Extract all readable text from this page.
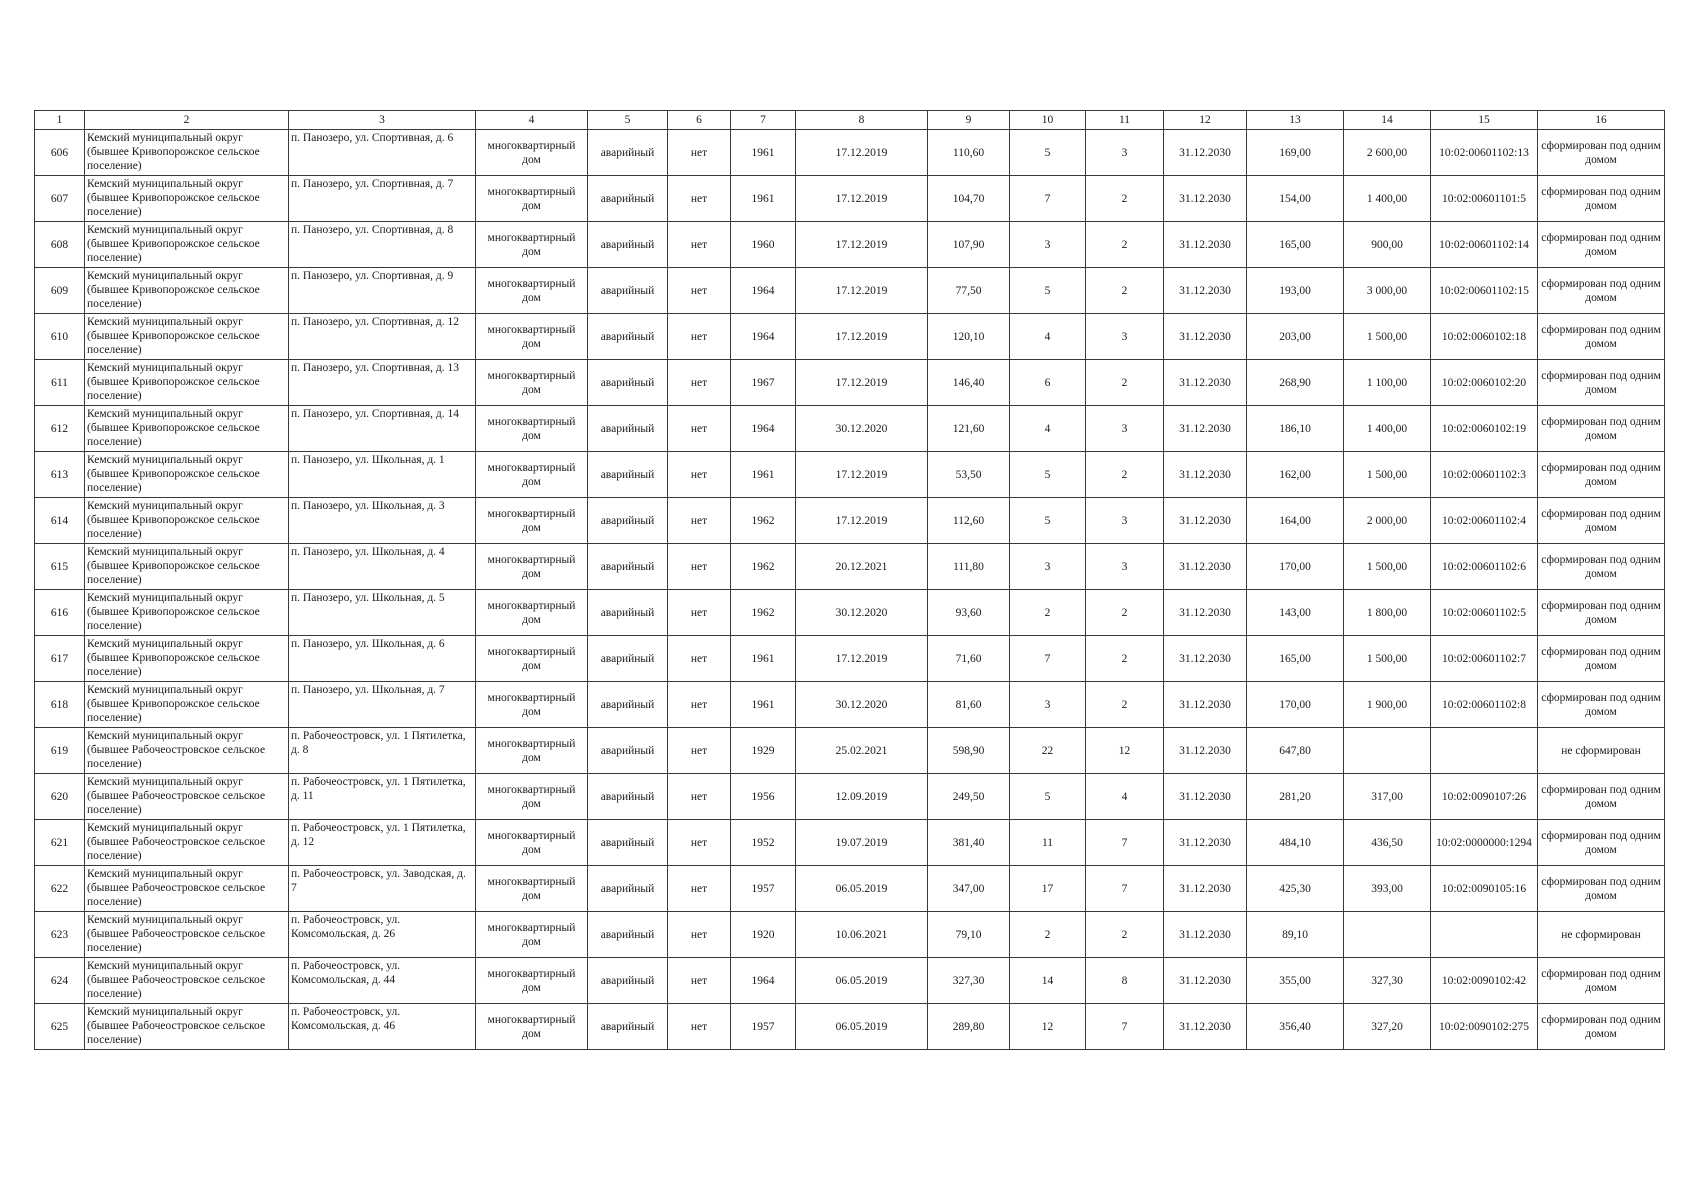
1	2	3	4	5	6	7	8	9	10	11	12	13	14	15	16
606	Кемский муниципальный округ (бывшее Кривопорожское сельское поселение)	п. Панозеро, ул. Спортивная, д. 6	многоквартирный дом	аварийный	нет	1961	17.12.2019	110,60	5	3	31.12.2030	169,00	2 600,00	10:02:00601102:13	сформирован под одним домом
607	Кемский муниципальный округ (бывшее Кривопорожское сельское поселение)	п. Панозеро, ул. Спортивная, д. 7	многоквартирный дом	аварийный	нет	1961	17.12.2019	104,70	7	2	31.12.2030	154,00	1 400,00	10:02:00601101:5	сформирован под одним домом
608	Кемский муниципальный округ (бывшее Кривопорожское сельское поселение)	п. Панозеро, ул. Спортивная, д. 8	многоквартирный дом	аварийный	нет	1960	17.12.2019	107,90	3	2	31.12.2030	165,00	900,00	10:02:00601102:14	сформирован под одним домом
609	Кемский муниципальный округ (бывшее Кривопорожское сельское поселение)	п. Панозеро, ул. Спортивная, д. 9	многоквартирный дом	аварийный	нет	1964	17.12.2019	77,50	5	2	31.12.2030	193,00	3 000,00	10:02:00601102:15	сформирован под одним домом
610	Кемский муниципальный округ (бывшее Кривопорожское сельское поселение)	п. Панозеро, ул. Спортивная, д. 12	многоквартирный дом	аварийный	нет	1964	17.12.2019	120,10	4	3	31.12.2030	203,00	1 500,00	10:02:0060102:18	сформирован под одним домом
611	Кемский муниципальный округ (бывшее Кривопорожское сельское поселение)	п. Панозеро, ул. Спортивная, д. 13	многоквартирный дом	аварийный	нет	1967	17.12.2019	146,40	6	2	31.12.2030	268,90	1 100,00	10:02:0060102:20	сформирован под одним домом
612	Кемский муниципальный округ (бывшее Кривопорожское сельское поселение)	п. Панозеро, ул. Спортивная, д. 14	многоквартирный дом	аварийный	нет	1964	30.12.2020	121,60	4	3	31.12.2030	186,10	1 400,00	10:02:0060102:19	сформирован под одним домом
613	Кемский муниципальный округ (бывшее Кривопорожское сельское поселение)	п. Панозеро, ул. Школьная, д. 1	многоквартирный дом	аварийный	нет	1961	17.12.2019	53,50	5	2	31.12.2030	162,00	1 500,00	10:02:00601102:3	сформирован под одним домом
614	Кемский муниципальный округ (бывшее Кривопорожское сельское поселение)	п. Панозеро, ул. Школьная, д. 3	многоквартирный дом	аварийный	нет	1962	17.12.2019	112,60	5	3	31.12.2030	164,00	2 000,00	10:02:00601102:4	сформирован под одним домом
615	Кемский муниципальный округ (бывшее Кривопорожское сельское поселение)	п. Панозеро, ул. Школьная, д. 4	многоквартирный дом	аварийный	нет	1962	20.12.2021	111,80	3	3	31.12.2030	170,00	1 500,00	10:02:00601102:6	сформирован под одним домом
616	Кемский муниципальный округ (бывшее Кривопорожское сельское поселение)	п. Панозеро, ул. Школьная, д. 5	многоквартирный дом	аварийный	нет	1962	30.12.2020	93,60	2	2	31.12.2030	143,00	1 800,00	10:02:00601102:5	сформирован под одним домом
617	Кемский муниципальный округ (бывшее Кривопорожское сельское поселение)	п. Панозеро, ул. Школьная, д. 6	многоквартирный дом	аварийный	нет	1961	17.12.2019	71,60	7	2	31.12.2030	165,00	1 500,00	10:02:00601102:7	сформирован под одним домом
618	Кемский муниципальный округ (бывшее Кривопорожское сельское поселение)	п. Панозеро, ул. Школьная, д. 7	многоквартирный дом	аварийный	нет	1961	30.12.2020	81,60	3	2	31.12.2030	170,00	1 900,00	10:02:00601102:8	сформирован под одним домом
619	Кемский муниципальный округ (бывшее Рабочеостровское сельское поселение)	п. Рабочеостровск, ул. 1 Пятилетка, д. 8	многоквартирный дом	аварийный	нет	1929	25.02.2021	598,90	22	12	31.12.2030	647,80			не сформирован
620	Кемский муниципальный округ (бывшее Рабочеостровское сельское поселение)	п. Рабочеостровск, ул. 1 Пятилетка, д. 11	многоквартирный дом	аварийный	нет	1956	12.09.2019	249,50	5	4	31.12.2030	281,20	317,00	10:02:0090107:26	сформирован под одним домом
621	Кемский муниципальный округ (бывшее Рабочеостровское сельское поселение)	п. Рабочеостровск, ул. 1 Пятилетка, д. 12	многоквартирный дом	аварийный	нет	1952	19.07.2019	381,40	11	7	31.12.2030	484,10	436,50	10:02:0000000:1294	сформирован под одним домом
622	Кемский муниципальный округ (бывшее Рабочеостровское сельское поселение)	п. Рабочеостровск, ул. Заводская, д. 7	многоквартирный дом	аварийный	нет	1957	06.05.2019	347,00	17	7	31.12.2030	425,30	393,00	10:02:0090105:16	сформирован под одним домом
623	Кемский муниципальный округ (бывшее Рабочеостровское сельское поселение)	п. Рабочеостровск, ул. Комсомольская, д. 26	многоквартирный дом	аварийный	нет	1920	10.06.2021	79,10	2	2	31.12.2030	89,10			не сформирован
624	Кемский муниципальный округ (бывшее Рабочеостровское сельское поселение)	п. Рабочеостровск, ул. Комсомольская, д. 44	многоквартирный дом	аварийный	нет	1964	06.05.2019	327,30	14	8	31.12.2030	355,00	327,30	10:02:0090102:42	сформирован под одним домом
625	Кемский муниципальный округ (бывшее Рабочеостровское сельское поселение)	п. Рабочеостровск, ул. Комсомольская, д. 46	многоквартирный дом	аварийный	нет	1957	06.05.2019	289,80	12	7	31.12.2030	356,40	327,20	10:02:0090102:275	сформирован под одним домом
